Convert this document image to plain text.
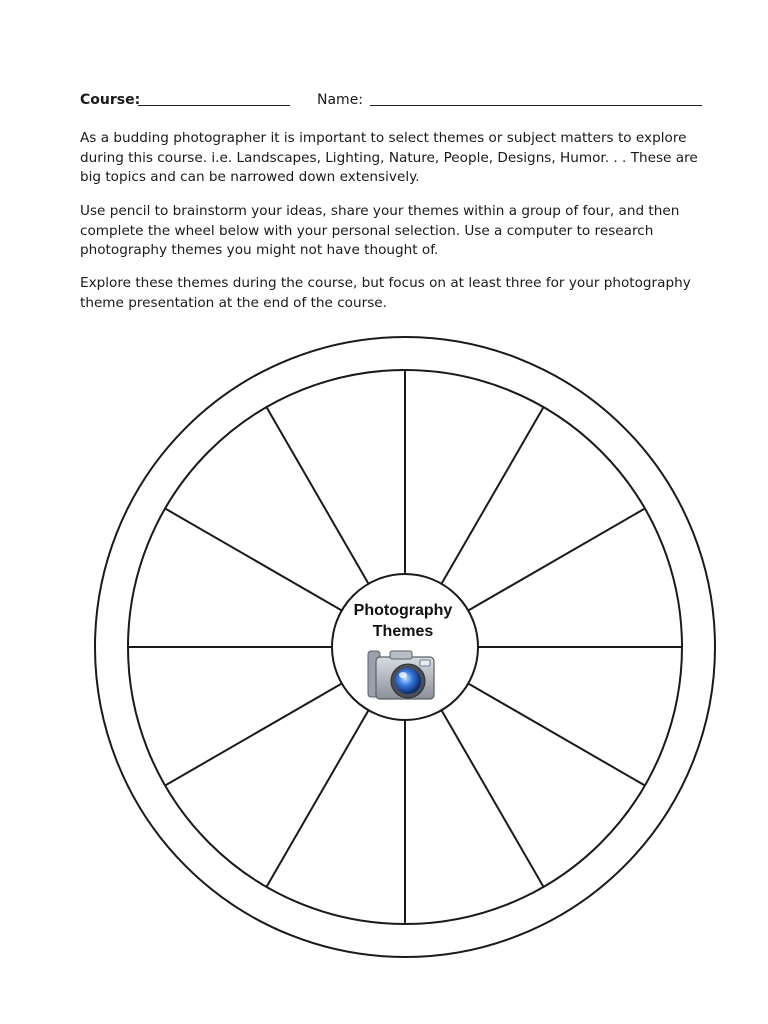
Course:	Name:

As a budding photographer it is important to select themes or subject matters to explore during this course. i.e. Landscapes, Lighting, Nature, People, Designs, Humor. . . These are big topics and can be narrowed down extensively.

Use pencil to brainstorm your ideas, share your themes within a group of four, and then complete the wheel below with your personal selection. Use a computer to research photography themes you might not have thought of.

Explore these themes during the course, but focus on at least three for your photography theme presentation at the end of the course.

Photography
Themes
